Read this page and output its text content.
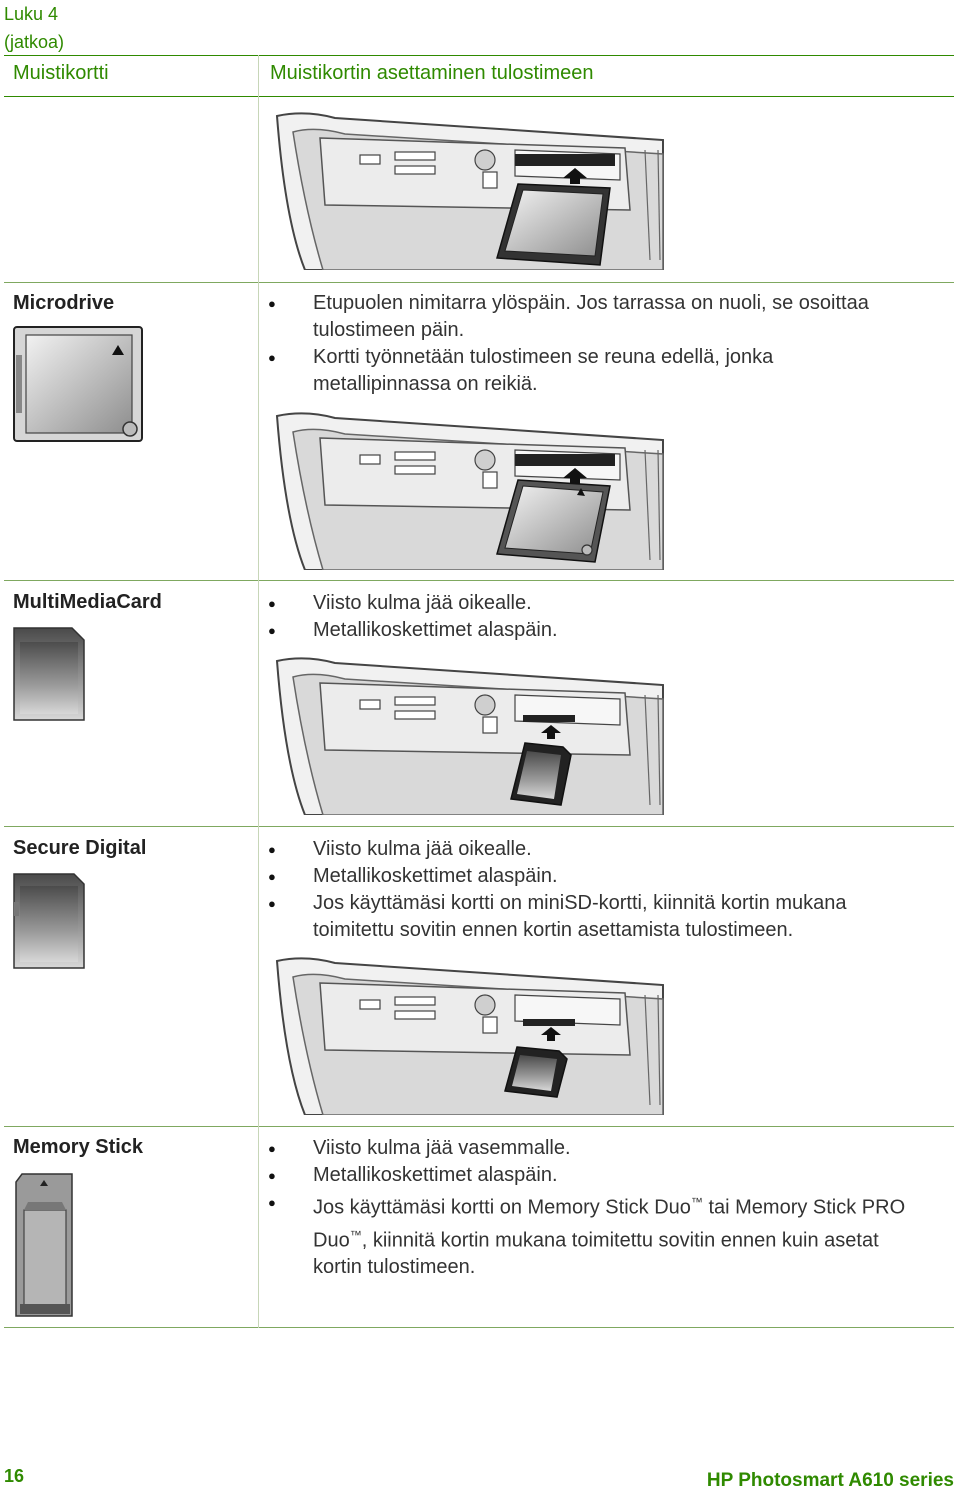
Luku 4
(jatkoa)
Muistikortti	Muistikortin asettaminen tulostimeen
Microdrive	● Etupuolen nimitarra ylöspäin. Jos tarrassa on nuoli, se osoittaa tulostimeen päin.
● Kortti työnnetään tulostimeen se reuna edellä, jonka metallipinnassa on reikiä.
MultiMediaCard	● Viisto kulma jää oikealle.
● Metallikoskettimet alaspäin.
Secure Digital	● Viisto kulma jää oikealle.
● Metallikoskettimet alaspäin.
● Jos käyttämäsi kortti on miniSD-kortti, kiinnitä kortin mukana toimitettu sovitin ennen kortin asettamista tulostimeen.
Memory Stick	● Viisto kulma jää vasemmalle.
● Metallikoskettimet alaspäin.
● Jos käyttämäsi kortti on Memory Stick Duo™ tai Memory Stick PRO Duo™, kiinnitä kortin mukana toimitettu sovitin ennen kuin asetat kortin tulostimeen.
16	HP Photosmart A610 series
